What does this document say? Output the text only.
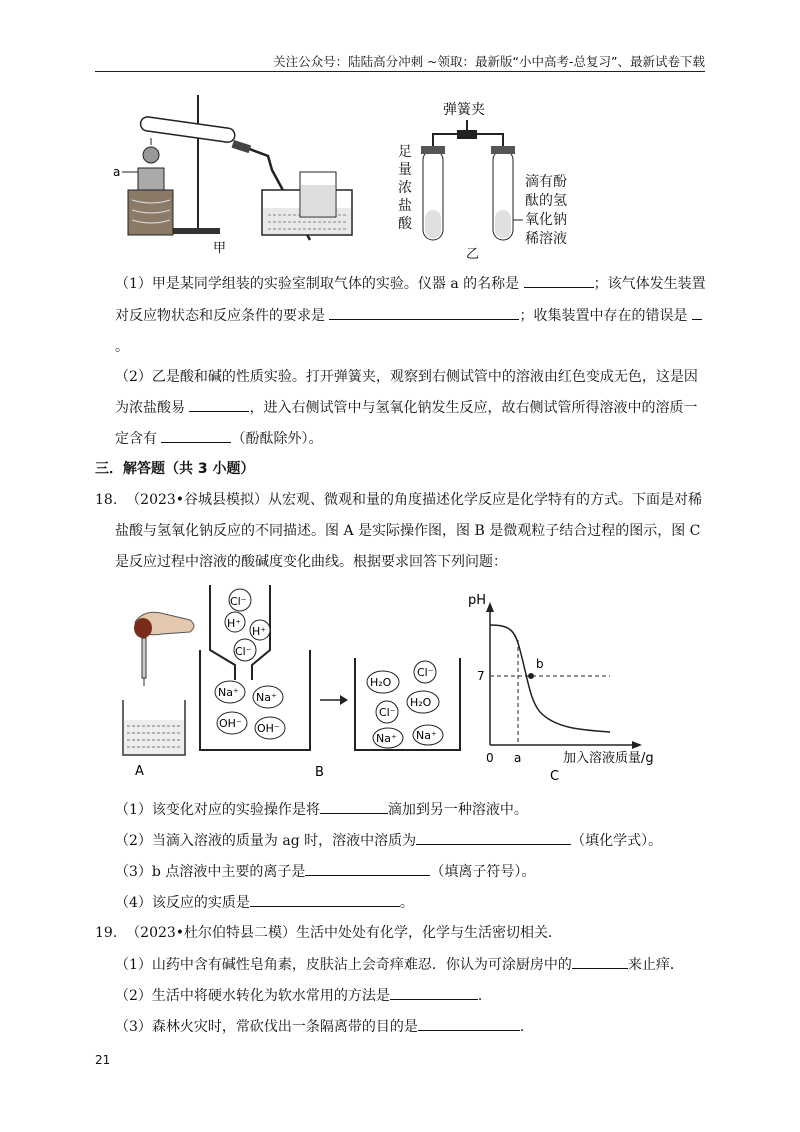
关注公众号：陆陆高分冲刺 ~领取：最新版“小中高考-总复习”、最新试卷下载
a
甲
弹簧夹
乙
足
量
浓
盐
酸
滴有酚
酞的氢
氧化钠
稀溶液
（1）甲是某同学组装的实验室制取气体的实验。仪器 a 的名称是	；该气体发生装置
对反应物状态和反应条件的要求是	；收集装置中存在的错误是
。
（2）乙是酸和碱的性质实验。打开弹簧夹，观察到右侧试管中的溶液由红色变成无色，这是因
为浓盐酸易	，进入右侧试管中与氢氧化钠发生反应，故右侧试管所得溶液中的溶质一
定含有	（酚酞除外）。
三．解答题（共 3 小题）
18. （2023•谷城县模拟）从宏观、微观和量的角度描述化学反应是化学特有的方式。下面是对稀
盐酸与氢氧化钠反应的不同描述。图 A 是实际操作图，图 B 是微观粒子结合过程的图示，图 C
是反应过程中溶液的酸碱度变化曲线。根据要求回答下列问题：
A
Cl⁻
H⁺
H⁺
Cl⁻
Na⁺ Na⁺
OH⁻ OH⁻
H₂O
Cl⁻
H₂O
Cl⁻
Na⁺ Na⁺
B
pH
7
b
0 a	加入溶液质量/g
C
（1）该变化对应的实验操作是将	滴加到另一种溶液中。
（2）当滴入溶液的质量为 ag 时，溶液中溶质为	（填化学式）。
（3）b 点溶液中主要的离子是	（填离子符号）。
（4）该反应的实质是	。
19. （2023•杜尔伯特县二模）生活中处处有化学，化学与生活密切相关．
（1）山药中含有碱性皂角素，皮肤沾上会奇痒难忍．你认为可涂厨房中的	来止痒．
（2）生活中将硬水转化为软水常用的方法是	．
（3）森林火灾时，常砍伐出一条隔离带的目的是	．
21
